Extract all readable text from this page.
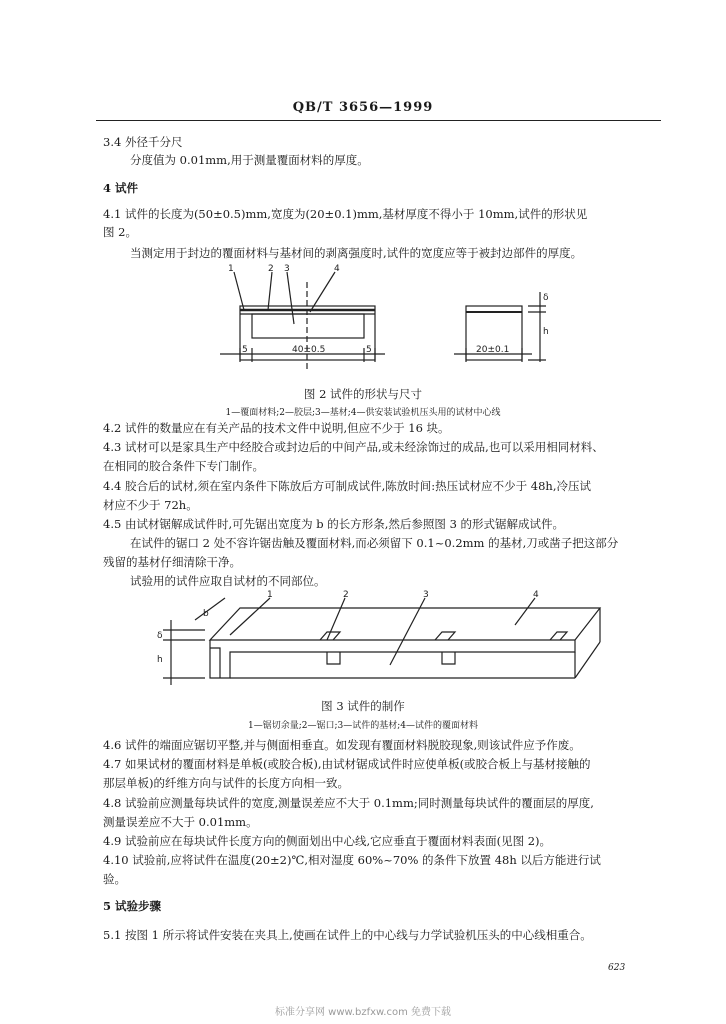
QB/T 3656—1999
3.4 外径千分尺
分度值为 0.01mm,用于测量覆面材料的厚度。
4 试件
4.1 试件的长度为(50±0.5)mm,宽度为(20±0.1)mm,基材厚度不得小于 10mm,试件的形状见
图 2。
当测定用于封边的覆面材料与基材间的剥离强度时,试件的宽度应等于被封边部件的厚度。
1	2 3	4
5	40±0.5	5	20±0.1
δ
h
图 2 试件的形状与尺寸
1—覆面材料;2—胶层;3—基材;4—供安装试验机压头用的试材中心线
4.2 试件的数量应在有关产品的技术文件中说明,但应不少于 16 块。
4.3 试材可以是家具生产中经胶合或封边后的中间产品,或未经涂饰过的成品,也可以采用相同材料、
在相同的胶合条件下专门制作。
4.4 胶合后的试材,须在室内条件下陈放后方可制成试件,陈放时间:热压试材应不少于 48h,冷压试
材应不少于 72h。
4.5 由试材锯解成试件时,可先锯出宽度为 b 的长方形条,然后参照图 3 的形式锯解成试件。
在试件的锯口 2 处不容许锯齿触及覆面材料,而必须留下 0.1~0.2mm 的基材,刀或凿子把这部分
残留的基材仔细清除干净。
试验用的试件应取自试材的不同部位。
1	2	3	4
b
δ
h
图 3 试件的制作
1—锯切余量;2—锯口;3—试件的基材;4—试件的覆面材料
4.6 试件的端面应锯切平整,并与侧面相垂直。如发现有覆面材料脱胶现象,则该试件应予作废。
4.7 如果试材的覆面材料是单板(或胶合板),由试材锯成试件时应使单板(或胶合板上与基材接触的
那层单板)的纤维方向与试件的长度方向相一致。
4.8 试验前应测量每块试件的宽度,测量误差应不大于 0.1mm;同时测量每块试件的覆面层的厚度,
测量误差应不大于 0.01mm。
4.9 试验前应在每块试件长度方向的侧面划出中心线,它应垂直于覆面材料表面(见图 2)。
4.10 试验前,应将试件在温度(20±2)℃,相对湿度 60%~70% 的条件下放置 48h 以后方能进行试
验。
5 试验步骤
5.1 按图 1 所示将试件安装在夹具上,使画在试件上的中心线与力学试验机压头的中心线相重合。
623
标准分享网 www.bzfxw.com 免费下载
